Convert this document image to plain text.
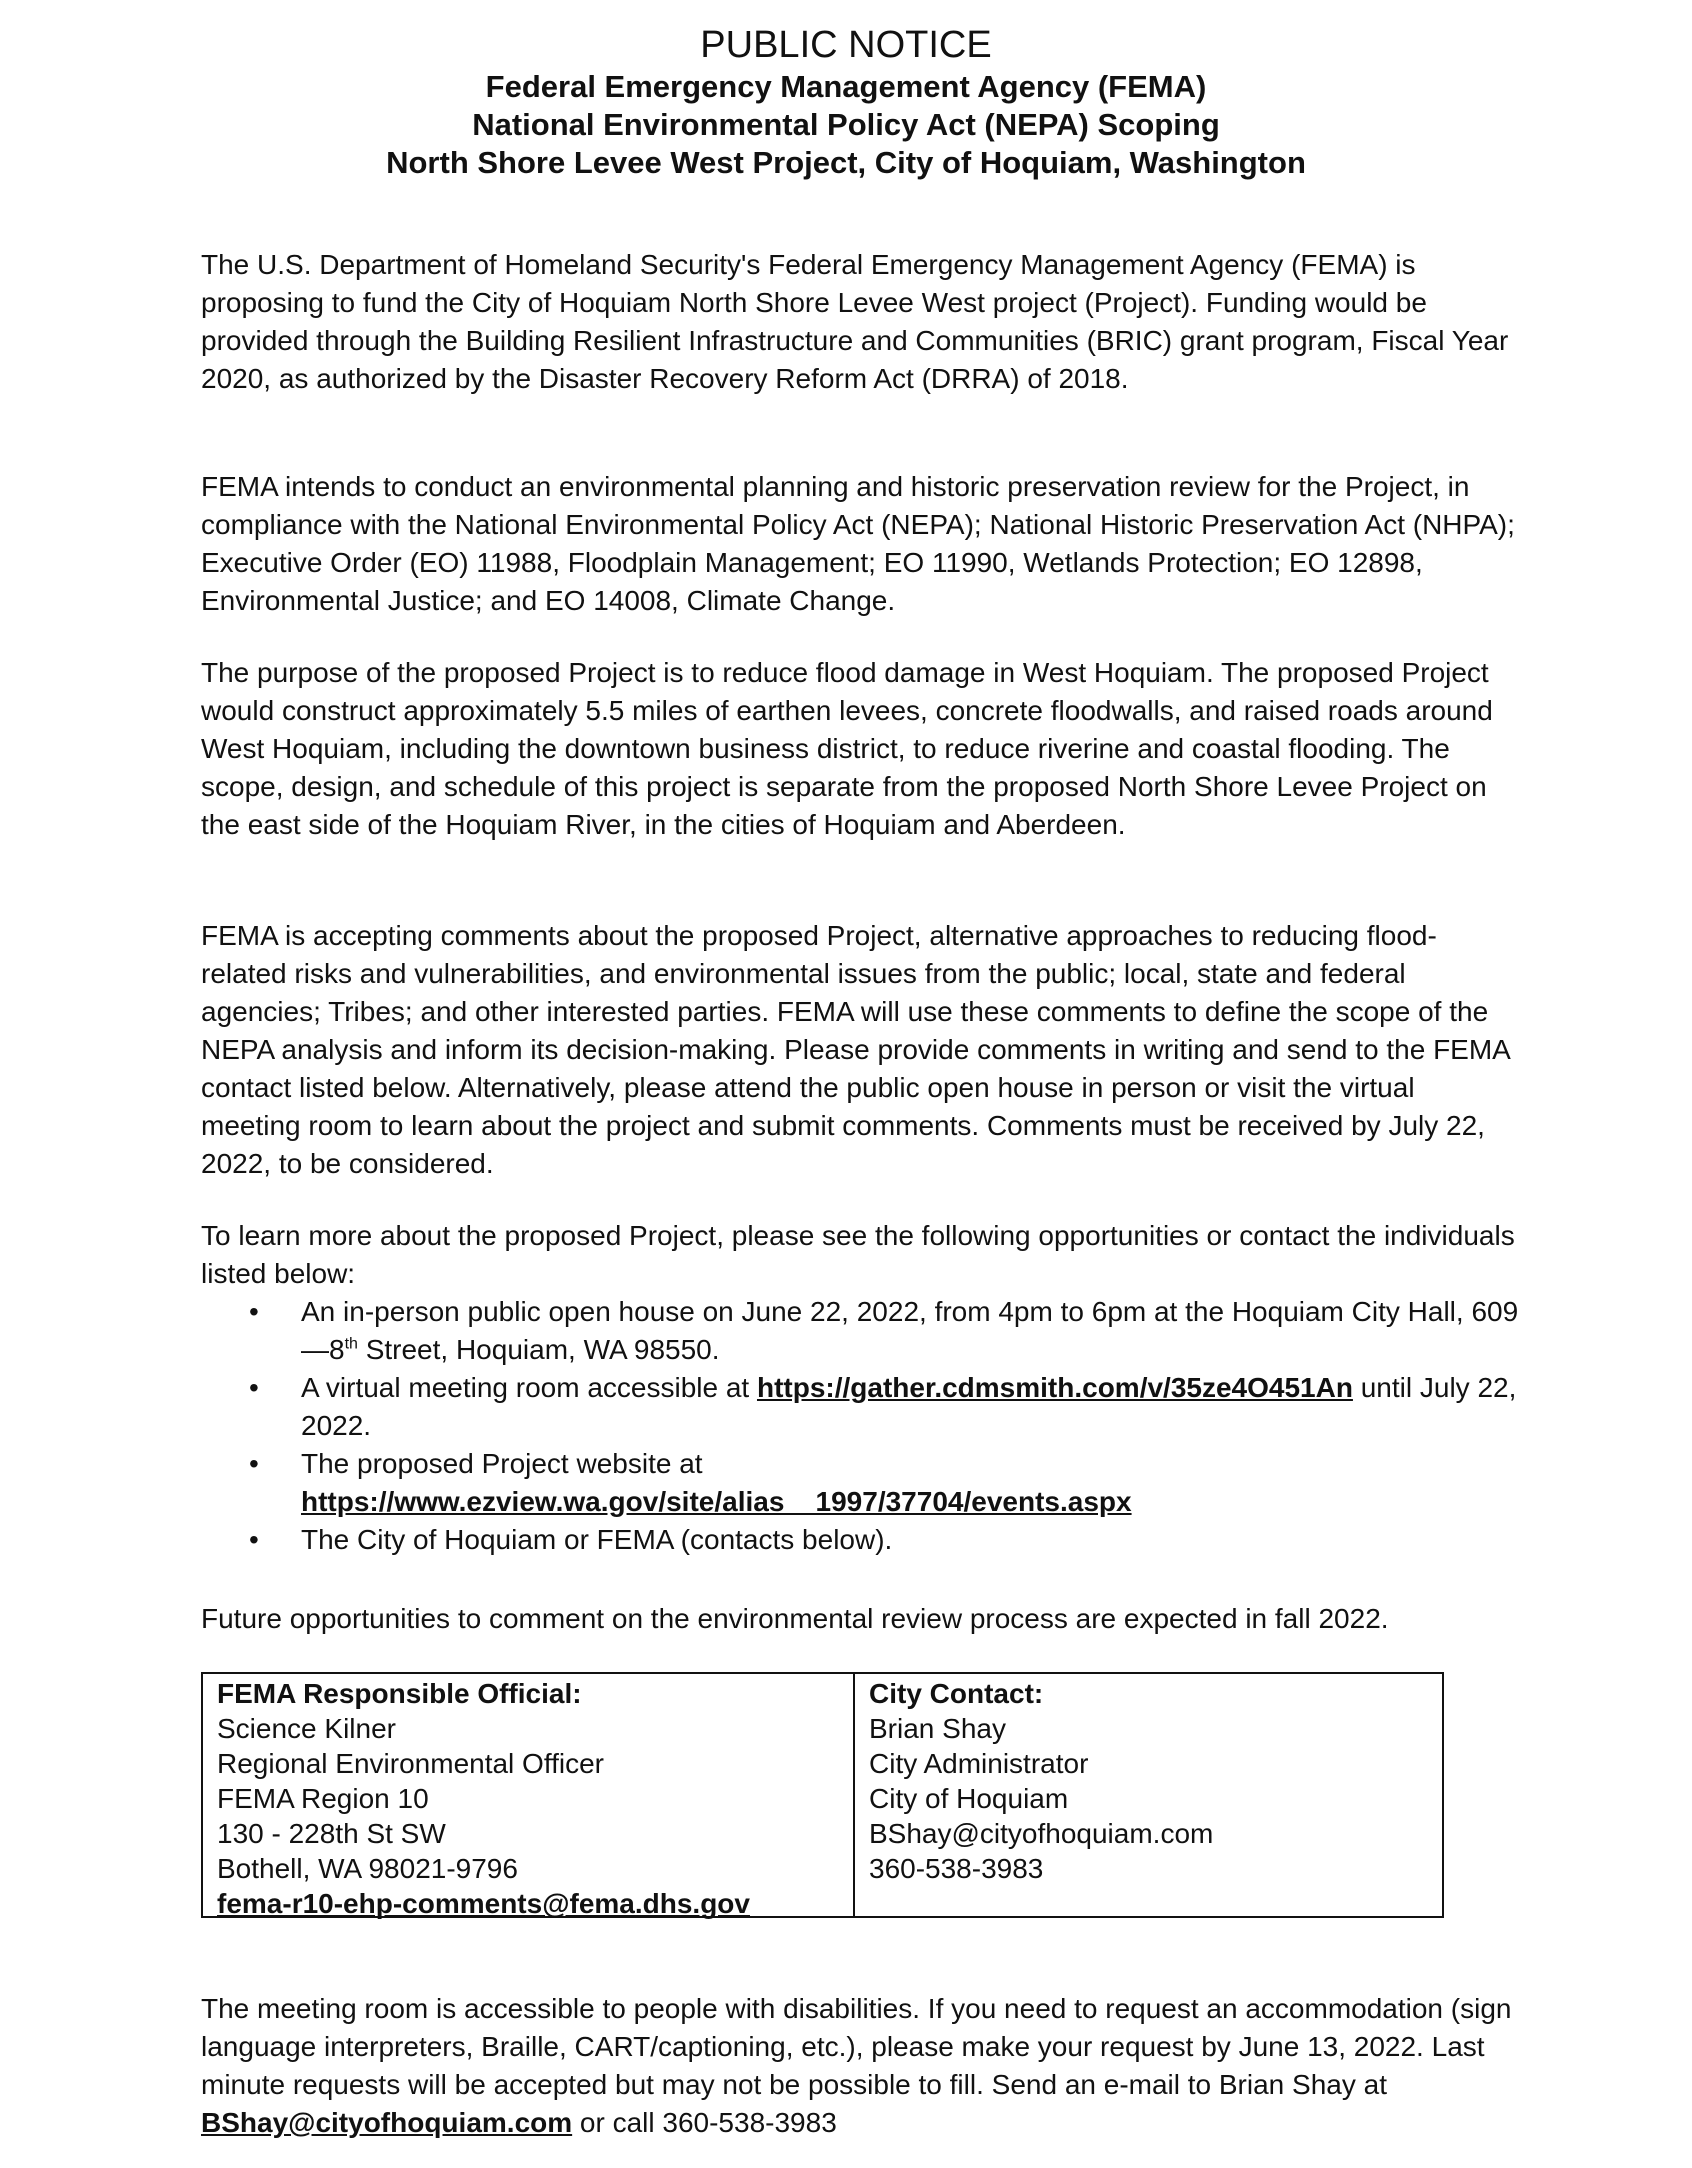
PUBLIC NOTICE

Federal Emergency Management Agency (FEMA)

National Environmental Policy Act (NEPA) Scoping

North Shore Levee West Project, City of Hoquiam, Washington

The U.S. Department of Homeland Security's Federal Emergency Management Agency (FEMA) is proposing to fund the City of Hoquiam North Shore Levee West project (Project). Funding would be provided through the Building Resilient Infrastructure and Communities (BRIC) grant program, Fiscal Year 2020, as authorized by the Disaster Recovery Reform Act (DRRA) of 2018.

FEMA intends to conduct an environmental planning and historic preservation review for the Project, in compliance with the National Environmental Policy Act (NEPA); National Historic Preservation Act (NHPA); Executive Order (EO) 11988, Floodplain Management; EO 11990, Wetlands Protection; EO 12898, Environmental Justice; and EO 14008, Climate Change.

The purpose of the proposed Project is to reduce flood damage in West Hoquiam. The proposed Project would construct approximately 5.5 miles of earthen levees, concrete floodwalls, and raised roads around West Hoquiam, including the downtown business district, to reduce riverine and coastal flooding. The scope, design, and schedule of this project is separate from the proposed North Shore Levee Project on the east side of the Hoquiam River, in the cities of Hoquiam and Aberdeen.

FEMA is accepting comments about the proposed Project, alternative approaches to reducing flood-related risks and vulnerabilities, and environmental issues from the public; local, state and federal agencies; Tribes; and other interested parties. FEMA will use these comments to define the scope of the NEPA analysis and inform its decision-making. Please provide comments in writing and send to the FEMA contact listed below. Alternatively, please attend the public open house in person or visit the virtual meeting room to learn about the project and submit comments. Comments must be received by July 22, 2022, to be considered.

To learn more about the proposed Project, please see the following opportunities or contact the individuals listed below:

• An in-person public open house on June 22, 2022, from 4pm to 6pm at the Hoquiam City Hall, 609—8th Street, Hoquiam, WA 98550.
• A virtual meeting room accessible at https://gather.cdmsmith.com/v/35ze4O451An until July 22, 2022.
• The proposed Project website at
https://www.ezview.wa.gov/site/alias__1997/37704/events.aspx
• The City of Hoquiam or FEMA (contacts below).

Future opportunities to comment on the environmental review process are expected in fall 2022.

FEMA Responsible Official:
Science Kilner
Regional Environmental Officer
FEMA Region 10
130 - 228th St SW
Bothell, WA 98021-9796
fema-r10-ehp-comments@fema.dhs.gov
City Contact:
Brian Shay
City Administrator
City of Hoquiam
BShay@cityofhoquiam.com
360-538-3983

The meeting room is accessible to people with disabilities. If you need to request an accommodation (sign language interpreters, Braille, CART/captioning, etc.), please make your request by June 13, 2022. Last minute requests will be accepted but may not be possible to fill. Send an e-mail to Brian Shay at BShay@cityofhoquiam.com or call 360-538-3983
